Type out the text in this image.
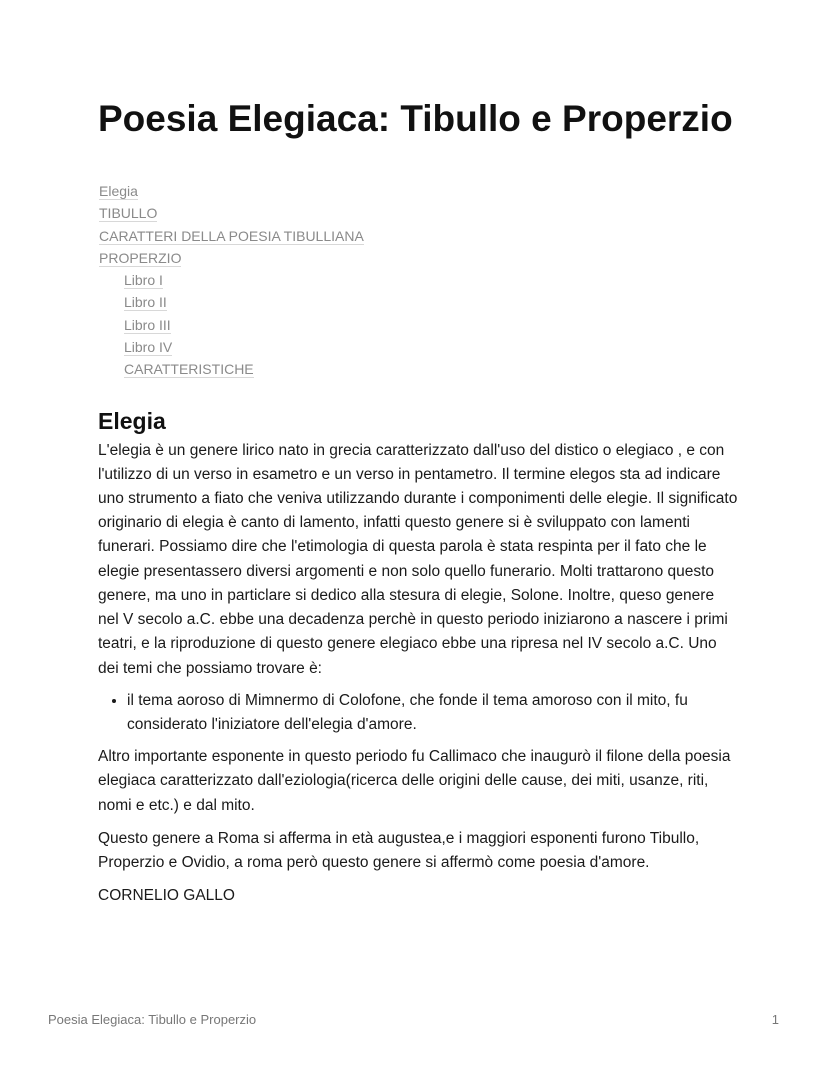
Poesia Elegiaca: Tibullo e Properzio
Elegia
TIBULLO
CARATTERI DELLA POESIA TIBULLIANA
PROPERZIO
Libro I
Libro II
Libro III
Libro IV
CARATTERISTICHE
Elegia

L'elegia è un genere lirico nato in grecia caratterizzato dall'uso del distico o elegiaco , e con l'utilizzo di un verso in esametro e un verso in pentametro. Il termine elegos sta ad indicare uno strumento a fiato che veniva utilizzando durante i componimenti delle elegie. Il significato originario di elegia è canto di lamento, infatti questo genere si è sviluppato con lamenti funerari. Possiamo dire che l'etimologia di questa parola è stata respinta per il fato che le elegie presentassero diversi argomenti e non solo quello funerario. Molti trattarono questo genere, ma uno in particlare si dedico alla stesura di elegie, Solone. Inoltre, queso genere nel V secolo a.C. ebbe una decadenza perchè in questo periodo iniziarono a nascere i primi teatri, e la riproduzione di questo genere elegiaco ebbe una ripresa nel IV secolo a.C. Uno dei temi che possiamo trovare è:

• il tema aoroso di Mimnermo di Colofone, che fonde il tema amoroso con il mito, fu considerato l'iniziatore dell'elegia d'amore.

Altro importante esponente in questo periodo fu Callimaco che inaugurò il filone della poesia elegiaca caratterizzato dall'eziologia(ricerca delle origini delle cause, dei miti, usanze, riti, nomi e etc.) e dal mito.

Questo genere a Roma si afferma in età augustea,e i maggiori esponenti furono Tibullo, Properzio e Ovidio, a roma però questo genere si affermò come poesia d'amore.

CORNELIO GALLO

Poesia Elegiaca: Tibullo e Properzio	1
